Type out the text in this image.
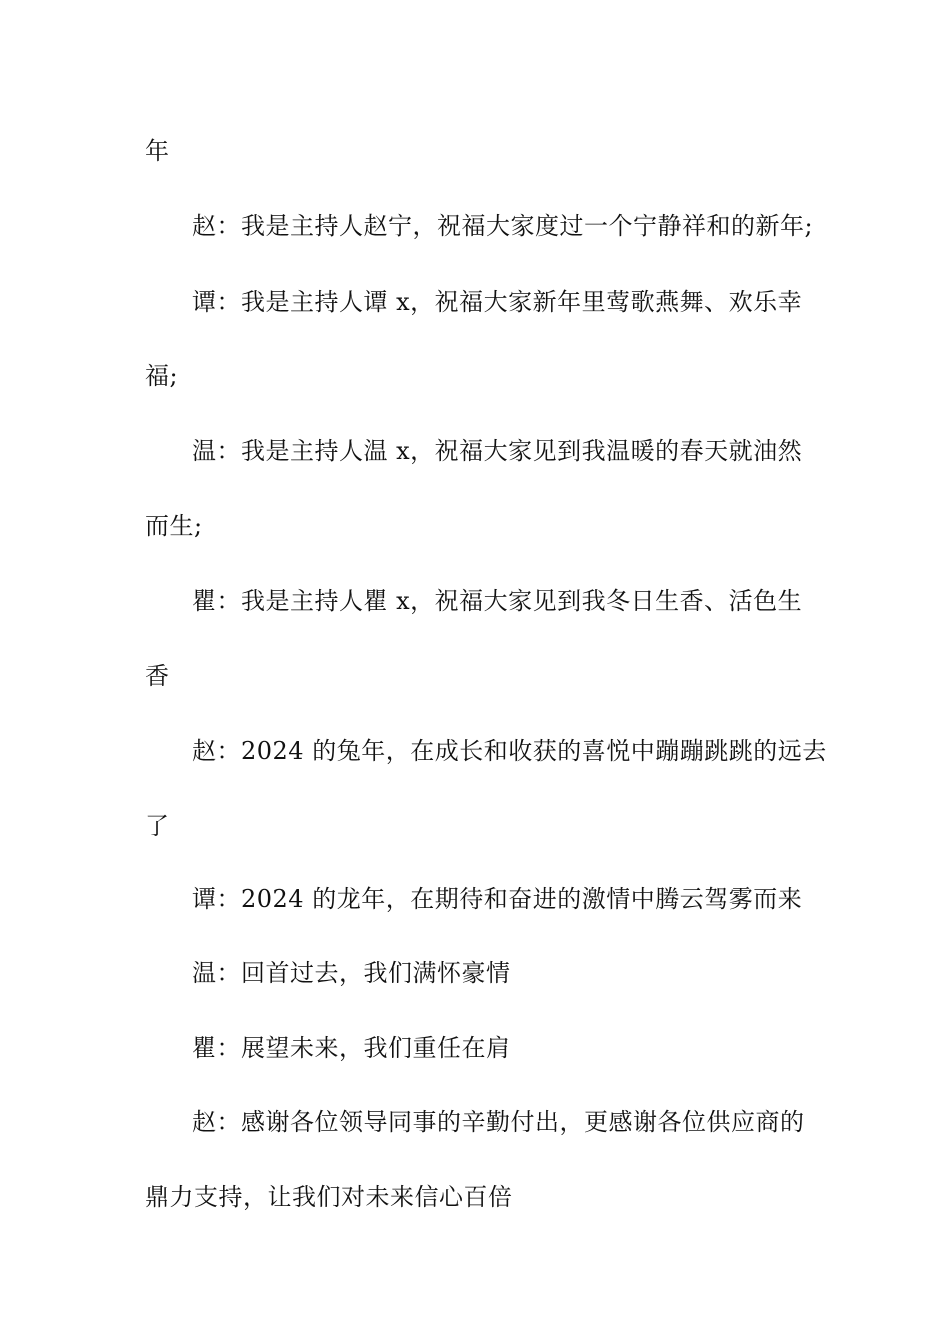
年
赵：我是主持人赵宁，祝福大家度过一个宁静祥和的新年;
谭：我是主持人谭 x，祝福大家新年里莺歌燕舞、欢乐幸
福;
温：我是主持人温 x，祝福大家见到我温暖的春天就油然
而生;
瞿：我是主持人瞿 x，祝福大家见到我冬日生香、活色生
香
赵：2024 的兔年，在成长和收获的喜悦中蹦蹦跳跳的远去
了
谭：2024 的龙年，在期待和奋进的激情中腾云驾雾而来
温：回首过去，我们满怀豪情
瞿：展望未来，我们重任在肩
赵：感谢各位领导同事的辛勤付出，更感谢各位供应商的
鼎力支持，让我们对未来信心百倍
